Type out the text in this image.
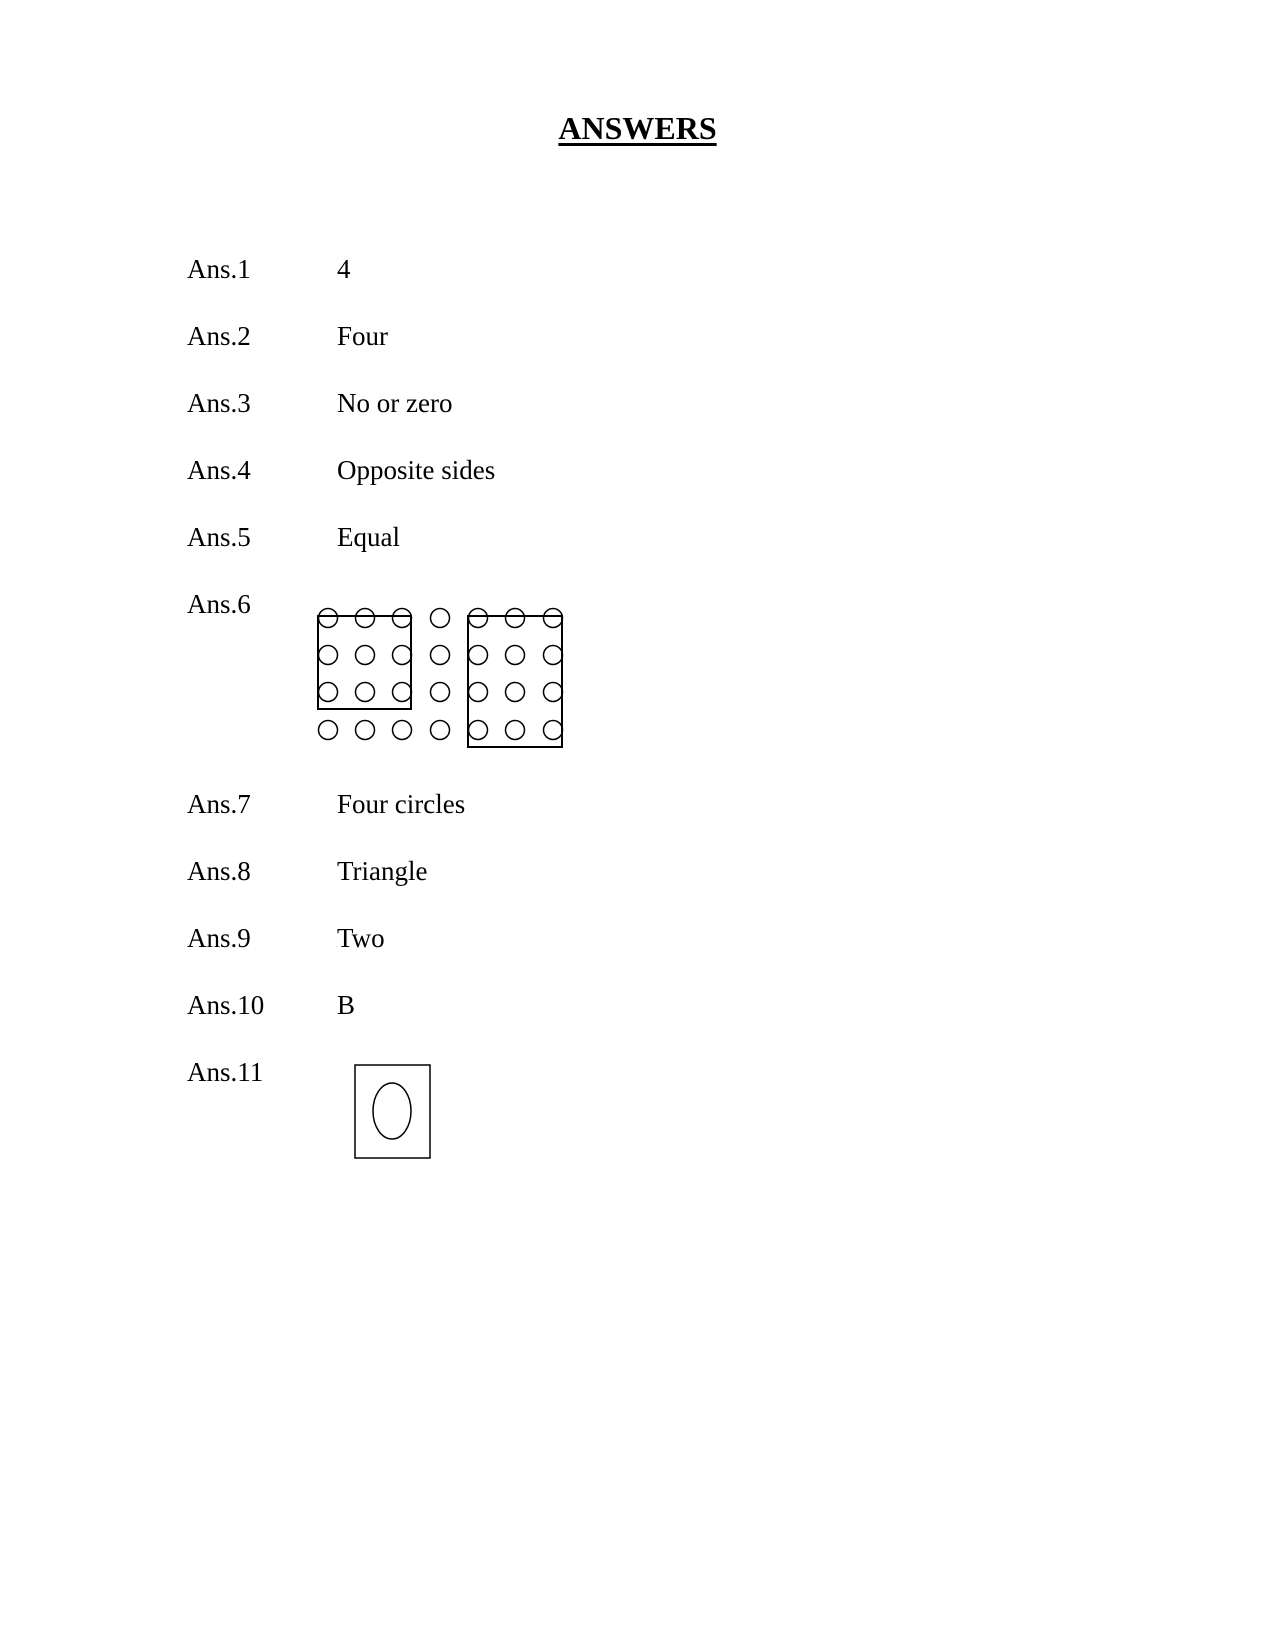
ANSWERS
Ans.1	4
Ans.2	Four
Ans.3	No or zero
Ans.4	Opposite sides
Ans.5	Equal
Ans.6
Ans.7	Four circles
Ans.8	Triangle
Ans.9	Two
Ans.10	B
Ans.11
